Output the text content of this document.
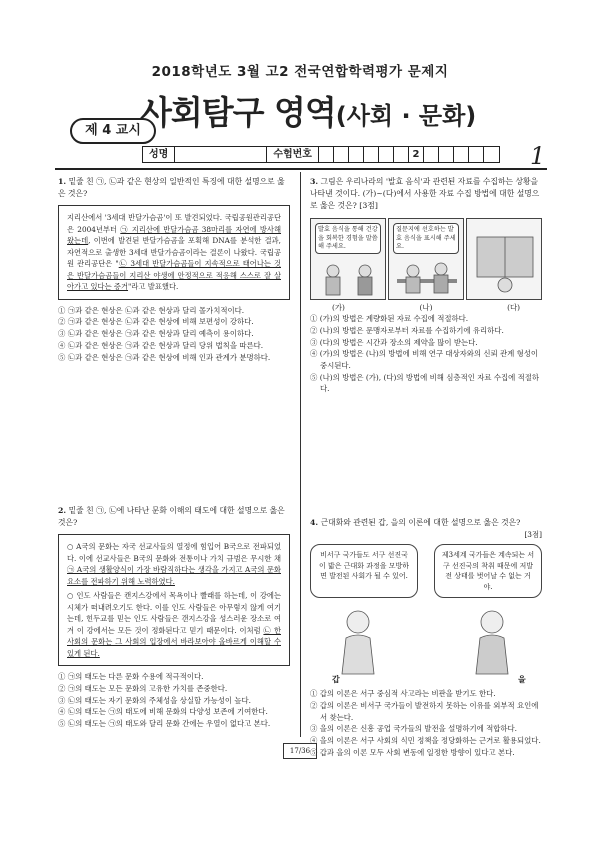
2018학년도 3월 고2 전국연합학력평가 문제지
사회탐구 영역(사회 · 문화)
제 4 교시
성명	수험번호	2	1
1. 밑줄 친 ㉠, ㉡과 같은 현상의 일반적인 특징에 대한 설명으로 옳은 것은?
지리산에서 '3세대 반달가슴곰'이 또 발견되었다. 국립공원관리공단은 2004년부터 ㉠ 지리산에 반달가슴곰 38마리를 자연에 방사해 왔는데, 이번에 발견된 반달가슴곰을 포획해 DNA를 분석한 결과, 자연적으로 출생한 3세대 반달가슴곰이라는 결론이 나왔다. 국립공원 관리공단은 "㉡ 3세대 반달가슴곰들이 지속적으로 태어나는 것은 반달가슴곰들이 지리산 야생에 안정적으로 적응해 스스로 잘 살아가고 있다는 증거"라고 발표했다.
① ㉠과 같은 현상은 ㉡과 같은 현상과 달리 몰가치적이다.
② ㉠과 같은 현상은 ㉡과 같은 현상에 비해 보편성이 강하다.
③ ㉡과 같은 현상은 ㉠과 같은 현상과 달리 예측이 용이하다.
④ ㉡과 같은 현상은 ㉠과 같은 현상과 달리 당위 법칙을 따른다.
⑤ ㉡과 같은 현상은 ㉠과 같은 현상에 비해 인과 관계가 분명하다.
3. 그림은 우리나라의 '발효 음식'과 관련된 자료를 수집하는 상황을 나타낸 것이다. (가)~(다)에서 사용한 자료 수집 방법에 대한 설명으로 옳은 것은? [3점]
발효 음식을 통해 건강을 회복한 경험을 말씀해 주세요.
질문지에 선호하는 발효 음식을 표시해 주세요.
(가)	(나)	(다)
① (가)의 방법은 계량화된 자료 수집에 적절하다.
② (나)의 방법은 문맹자로부터 자료를 수집하기에 유리하다.
③ (다)의 방법은 시간과 장소의 제약을 많이 받는다.
④ (가)의 방법은 (나)의 방법에 비해 연구 대상자와의 신뢰 관계 형성이 중시된다.
⑤ (나)의 방법은 (가), (다)의 방법에 비해 심층적인 자료 수집에 적절하다.
2. 밑줄 친 ㉠, ㉡에 나타난 문화 이해의 태도에 대한 설명으로 옳은 것은?
○ A국의 문화는 자국 선교사들의 열정에 힘입어 B국으로 전파되었다. 이에 선교사들은 B국의 문화와 전통이나 가치 규범은 무시한 채 ㉠ A국의 생활양식이 가장 바람직하다는 생각을 가지고 A국의 문화 요소를 전파하기 위해 노력하였다.
○ 인도 사람들은 캔지스강에서 목욕이나 빨래를 하는데, 이 강에는 시체가 떠내려오기도 한다. 이를 인도 사람들은 아무렇지 않게 여기는데, 힌두교를 믿는 인도 사람들은 갠지스강을 성스러운 장소로 여겨 이 강에서는 모든 것이 정화된다고 믿기 때문이다. 이처럼 ㉡ 한 사회의 문화는 그 사회의 입장에서 바라보아야 올바르게 이해할 수 있게 된다.
① ㉠의 태도는 다른 문화 수용에 적극적이다.
② ㉠의 태도는 모든 문화의 고유한 가치를 존중한다.
③ ㉡의 태도는 자기 문화의 주체성을 상실할 가능성이 높다.
④ ㉡의 태도는 ㉠의 태도에 비해 문화의 다양성 보존에 기여한다.
⑤ ㉡의 태도는 ㉠의 태도와 달리 문화 간에는 우열이 없다고 본다.
4. 근대화와 관련된 갑, 을의 이론에 대한 설명으로 옳은 것은?
[3점]
비서구 국가들도 서구 선진국이 밟은 근대화 과정을 모방하면 발전된 사회가 될 수 있어.
제3세계 국가들은 계속되는 서구 선진국의 착취 때문에 저발전 상태를 벗어날 수 없는 거야.
갑	을
① 갑의 이론은 서구 중심적 사고라는 비판을 받기도 한다.
② 갑의 이론은 비서구 국가들이 발전하지 못하는 이유를 외부적 요인에서 찾는다.
③ 을의 이론은 신흥 공업 국가들의 발전을 설명하기에 적합하다.
④ 을의 이론은 서구 사회의 식민 정책을 정당화하는 근거로 활용되었다.
⑤ 갑과 을의 이론 모두 사회 변동에 일정한 방향이 있다고 본다.
17/36
